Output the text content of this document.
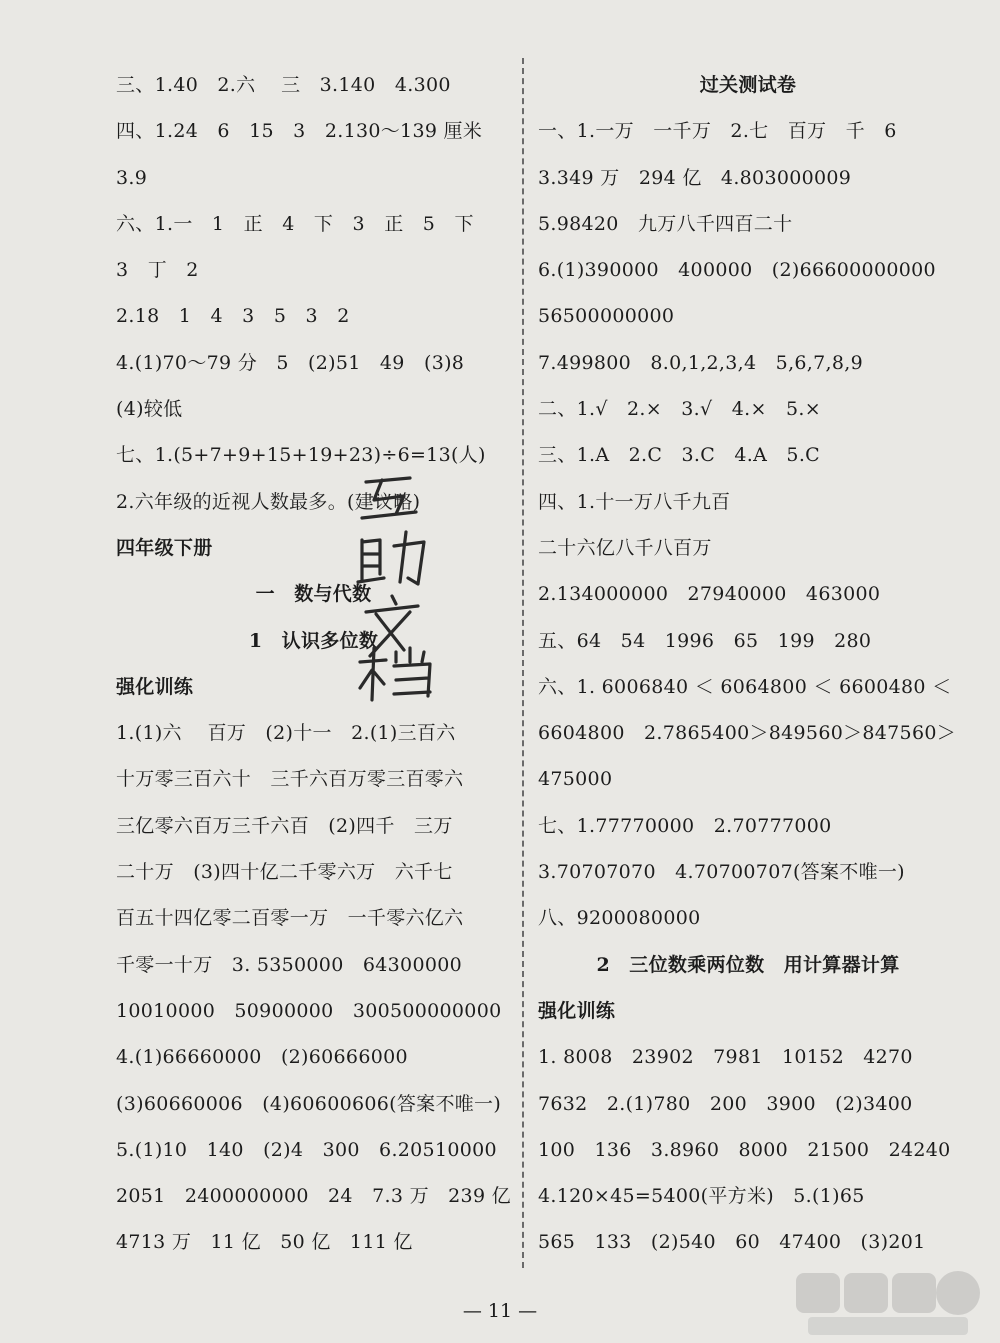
三、1.40　2.六　 三　3.140　4.300
四、1.24　6　15　3　2.130～139 厘米
3.9
六、1.一　1　正　4　下　3　正　5　下
3　丁　2
2.18　1　4　3　5　3　2
4.(1)70～79 分　5　(2)51　49　(3)8
(4)较低
七、1.(5+7+9+15+19+23)÷6=13(人)
2.六年级的近视人数最多。(建议略)
四年级下册
一　数与代数
1　认识多位数
强化训练
1.(1)六　 百万　(2)十一　2.(1)三百六
十万零三百六十　三千六百万零三百零六
三亿零六百万三千六百　(2)四千　三万
二十万　(3)四十亿二千零六万　六千七
百五十四亿零二百零一万　一千零六亿六
千零一十万　3. 5350000　64300000
10010000　50900000　300500000000
4.(1)66660000　(2)60666000
(3)60660006　(4)60600606(答案不唯一)
5.(1)10　140　(2)4　300　6.20510000
2051　2400000000　24　7.3 万　239 亿
4713 万　11 亿　50 亿　111 亿
过关测试卷
一、1.一万　一千万　2.七　百万　千　6
3.349 万　294 亿　4.803000009
5.98420　九万八千四百二十
6.(1)390000　400000　(2)66600000000
56500000000
7.499800　8.0,1,2,3,4　5,6,7,8,9
二、1.√　2.×　3.√　4.×　5.×
三、1.A　2.C　3.C　4.A　5.C
四、1.十一万八千九百
二十六亿八千八百万
2.134000000　27940000　463000
五、64　54　1996　65　199　280
六、1. 6006840 ＜ 6064800 ＜ 6600480 ＜
6604800　2.7865400＞849560＞847560＞
475000
七、1.77770000　2.70777000
3.70707070　4.70700707(答案不唯一)
八、9200080000
2　三位数乘两位数　用计算器计算
强化训练
1. 8008　23902　7981　10152　4270
7632　2.(1)780　200　3900　(2)3400
100　136　3.8960　8000　21500　24240
4.120×45=5400(平方米)　5.(1)65
565　133　(2)540　60　47400　(3)201
— 11 —
